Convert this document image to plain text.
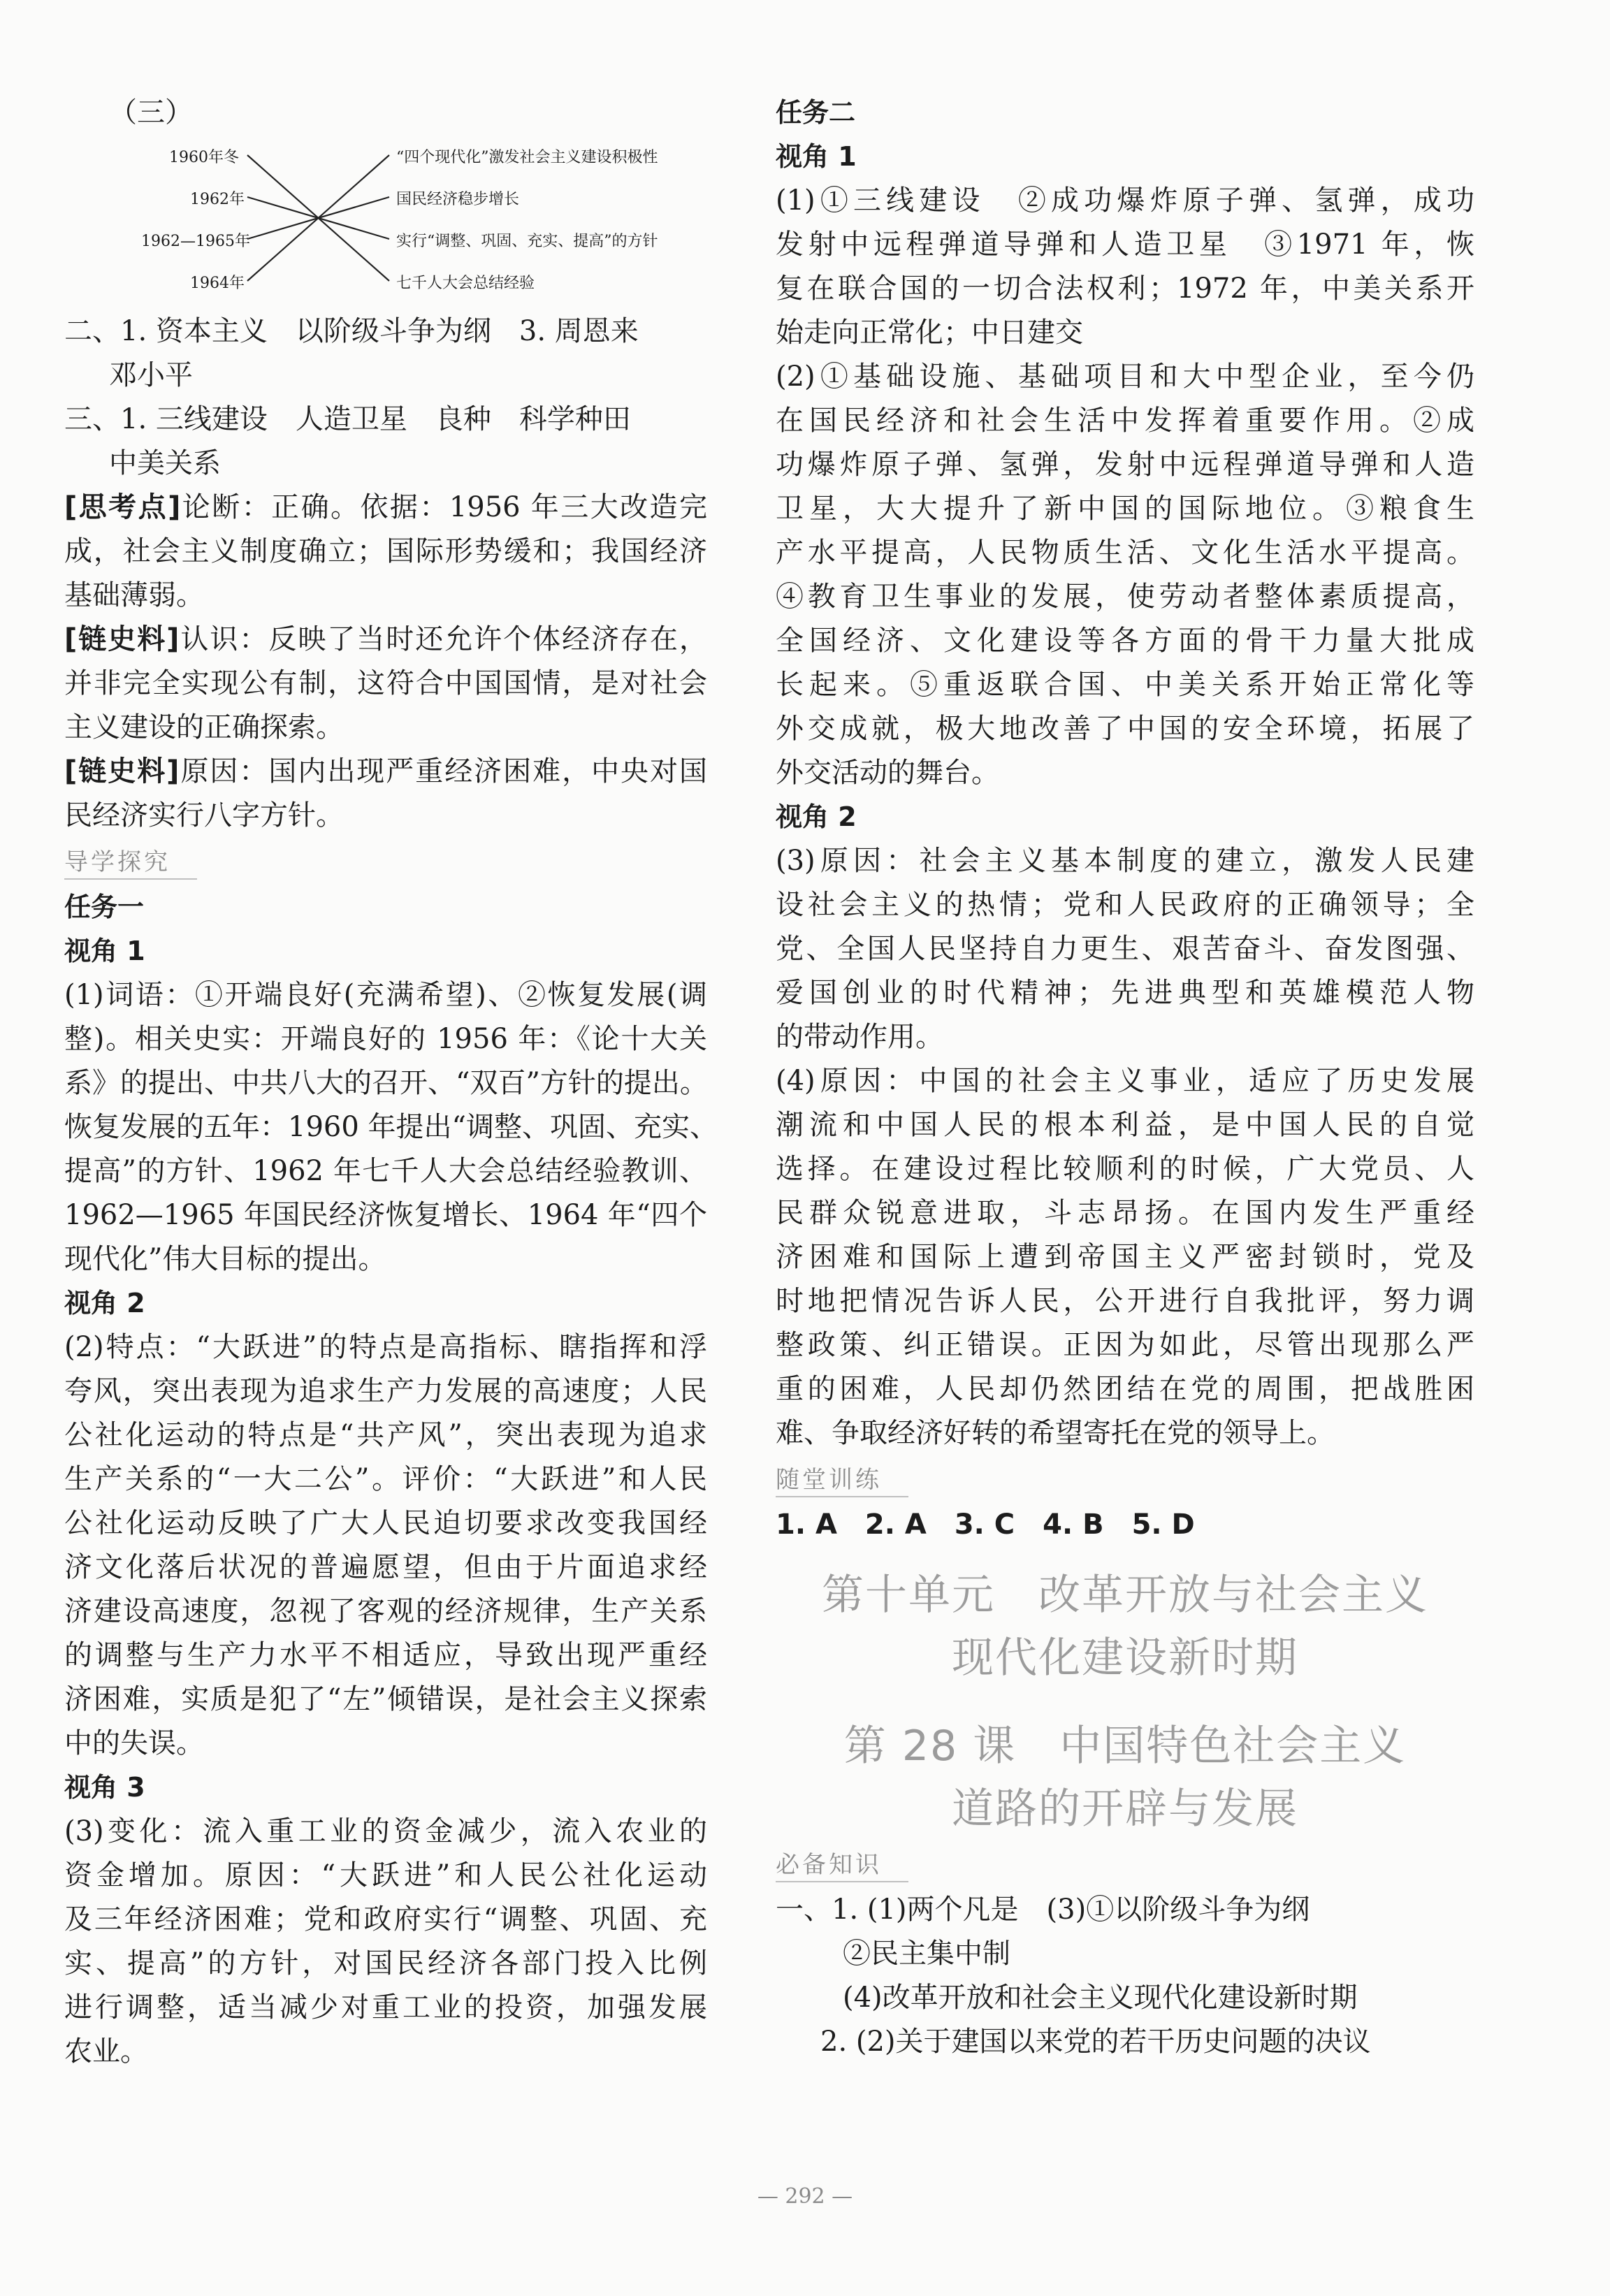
（三）

二、1. 资本主义　以阶级斗争为纲　3. 周恩来

邓小平

三、1. 三线建设　人造卫星　良种　科学种田

中美关系

[思考点]论断：正确。依据：1956 年三大改造完

成，社会主义制度确立；国际形势缓和；我国经济

基础薄弱。

[链史料]认识：反映了当时还允许个体经济存在，

并非完全实现公有制，这符合中国国情，是对社会

主义建设的正确探索。

[链史料]原因：国内出现严重经济困难，中央对国

民经济实行八字方针。

导学探究

任务一

视角 1

(1)词语：①开端良好(充满希望)、②恢复发展(调

整)。相关史实：开端良好的 1956 年：《论十大关

系》的提出、中共八大的召开、“双百”方针的提出。

恢复发展的五年：1960 年提出“调整、巩固、充实、

提高”的方针、1962 年七千人大会总结经验教训、

1962—1965 年国民经济恢复增长、1964 年“四个

现代化”伟大目标的提出。

视角 2

(2)特点：“大跃进”的特点是高指标、瞎指挥和浮

夸风，突出表现为追求生产力发展的高速度；人民

公社化运动的特点是“共产风”，突出表现为追求

生产关系的“一大二公”。评价：“大跃进”和人民

公社化运动反映了广大人民迫切要求改变我国经

济文化落后状况的普遍愿望，但由于片面追求经

济建设高速度，忽视了客观的经济规律，生产关系

的调整与生产力水平不相适应，导致出现严重经

济困难，实质是犯了“左”倾错误，是社会主义探索

中的失误。

视角 3

(3)变化：流入重工业的资金减少，流入农业的

资金增加。原因：“大跃进”和人民公社化运动

及三年经济困难；党和政府实行“调整、巩固、充

实、提高”的方针，对国民经济各部门投入比例

进行调整，适当减少对重工业的投资，加强发展

农业。

1960年冬
1962年
1962—1965年
1964年
“四个现代化”激发社会主义建设积极性
国民经济稳步增长
实行“调整、巩固、充实、提高”的方针
七千人大会总结经验

任务二

视角 1

(1)①三线建设　②成功爆炸原子弹、氢弹，成功

发射中远程弹道导弹和人造卫星　③1971 年，恢

复在联合国的一切合法权利；1972 年，中美关系开

始走向正常化；中日建交

(2)①基础设施、基础项目和大中型企业，至今仍

在国民经济和社会生活中发挥着重要作用。②成

功爆炸原子弹、氢弹，发射中远程弹道导弹和人造

卫星，大大提升了新中国的国际地位。③粮食生

产水平提高，人民物质生活、文化生活水平提高。

④教育卫生事业的发展，使劳动者整体素质提高，

全国经济、文化建设等各方面的骨干力量大批成

长起来。⑤重返联合国、中美关系开始正常化等

外交成就，极大地改善了中国的安全环境，拓展了

外交活动的舞台。

视角 2

(3)原因：社会主义基本制度的建立，激发人民建

设社会主义的热情；党和人民政府的正确领导；全

党、全国人民坚持自力更生、艰苦奋斗、奋发图强、

爱国创业的时代精神；先进典型和英雄模范人物

的带动作用。

(4)原因：中国的社会主义事业，适应了历史发展

潮流和中国人民的根本利益，是中国人民的自觉

选择。在建设过程比较顺利的时候，广大党员、人

民群众锐意进取，斗志昂扬。在国内发生严重经

济困难和国际上遭到帝国主义严密封锁时，党及

时地把情况告诉人民，公开进行自我批评，努力调

整政策、纠正错误。正因为如此，尽管出现那么严

重的困难，人民却仍然团结在党的周围，把战胜困

难、争取经济好转的希望寄托在党的领导上。

随堂训练

1. A　2. A　3. C　4. B　5. D

第十单元　改革开放与社会主义

现代化建设新时期

第 28 课　中国特色社会主义

道路的开辟与发展

必备知识

一、1. (1)两个凡是　(3)①以阶级斗争为纲

②民主集中制

(4)改革开放和社会主义现代化建设新时期

2. (2)关于建国以来党的若干历史问题的决议

— 292 —
